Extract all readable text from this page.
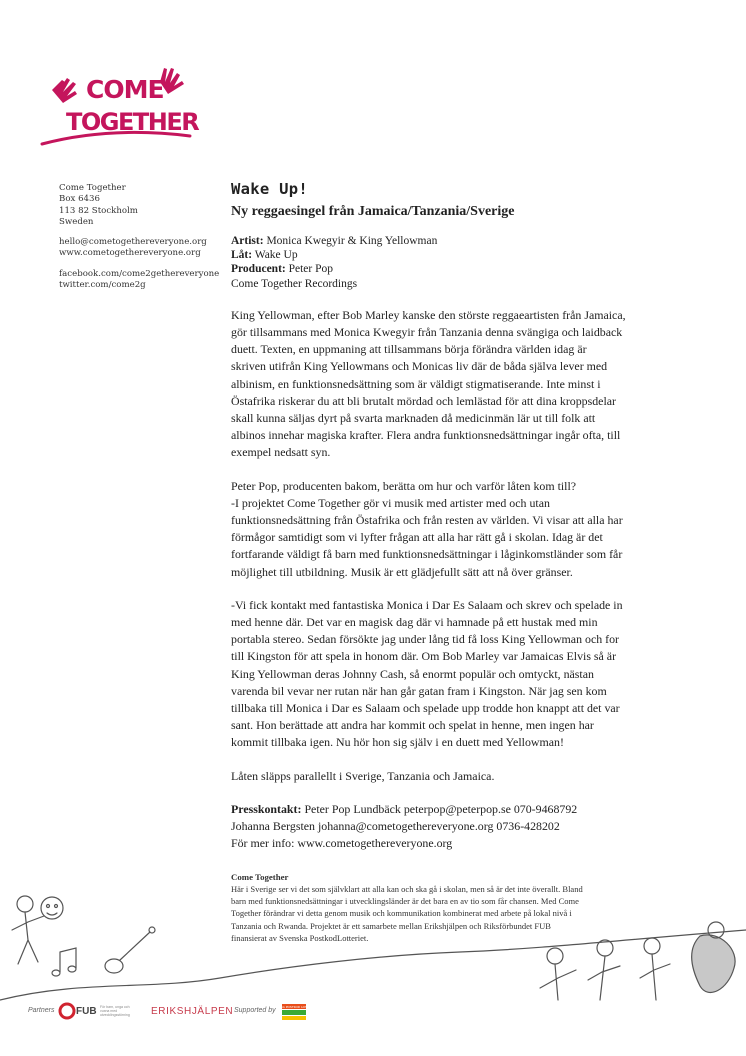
COME
TOGETHER
Come Together
Box 6436
113 82 Stockholm
Sweden
hello@cometogethereveryone.org
www.cometogethereveryone.org
facebook.com/come2gethereveryone
twitter.com/come2g
Wake Up!
Ny reggaesingel från Jamaica/Tanzania/Sverige
Artist: Monica Kwegyir & King Yellowman
Låt: Wake Up
Producent: Peter Pop
Come Together Recordings
King Yellowman, efter Bob Marley kanske den störste reggaeartisten från Jamaica,
gör tillsammans med Monica Kwegyir från Tanzania denna svängiga och laidback
duett. Texten, en uppmaning att tillsammans börja förändra världen idag är
skriven utifrån King Yellowmans och Monicas liv där de båda själva lever med
albinism, en funktionsnedsättning som är väldigt stigmatiserande. Inte minst i
Östafrika riskerar du att bli brutalt mördad och lemlästad för att dina kroppsdelar
skall kunna säljas dyrt på svarta marknaden då medicinmän lär ut till folk att
albinos innehar magiska krafter. Flera andra funktionsnedsättningar ingår ofta, till
exempel nedsatt syn.
Peter Pop, producenten bakom, berätta om hur och varför låten kom till?
-I projektet Come Together gör vi musik med artister med och utan
funktionsnedsättning från Östafrika och från resten av världen. Vi visar att alla har
förmågor samtidigt som vi lyfter frågan att alla har rätt gå i skolan. Idag är det
fortfarande väldigt få barn med funktionsnedsättningar i låginkomstländer som får
möjlighet till utbildning. Musik är ett glädjefullt sätt att nå över gränser.
-Vi fick kontakt med fantastiska Monica i Dar Es Salaam och skrev och spelade in
med henne där. Det var en magisk dag där vi hamnade på ett hustak med min
portabla stereo. Sedan försökte jag under lång tid få loss King Yellowman och for
till Kingston för att spela in honom där. Om Bob Marley var Jamaicas Elvis så är
King Yellowman deras Johnny Cash, så enormt populär och omtyckt, nästan
varenda bil vevar ner rutan när han går gatan fram i Kingston. När jag sen kom
tillbaka till Monica i Dar es Salaam och spelade upp trodde hon knappt att det var
sant. Hon berättade att andra har kommit och spelat in henne, men ingen har
kommit tillbaka igen. Nu hör hon sig själv i en duett med Yellowman!
Låten släpps parallellt i Sverige, Tanzania och Jamaica.
Presskontakt: Peter Pop Lundbäck peterpop@peterpop.se 070-9468792
Johanna Bergsten johanna@cometogethereveryone.org 0736-428202
För mer info: www.cometogethereveryone.org
Come Together
Här i Sverige ser vi det som självklart att alla kan och ska gå i skolan, men så är det inte överallt. Bland
barn med funktionsnedsättningar i utvecklingsländer är det bara en av tio som får chansen. Med Come
Together förändrar vi detta genom musik och kommunikation kombinerat med arbete på lokal nivå i
Tanzania och Rwanda. Projektet är ett samarbete mellan Erikshjälpen och Riksförbundet FUB
finansierat av Svenska PostkodLotteriet.
Partners FUB För barn, unga och vuxna med utvecklingsstörning	ERIKSHJÄLPEN Supported by
SVENSKA POSTKOD LOTTERIET
